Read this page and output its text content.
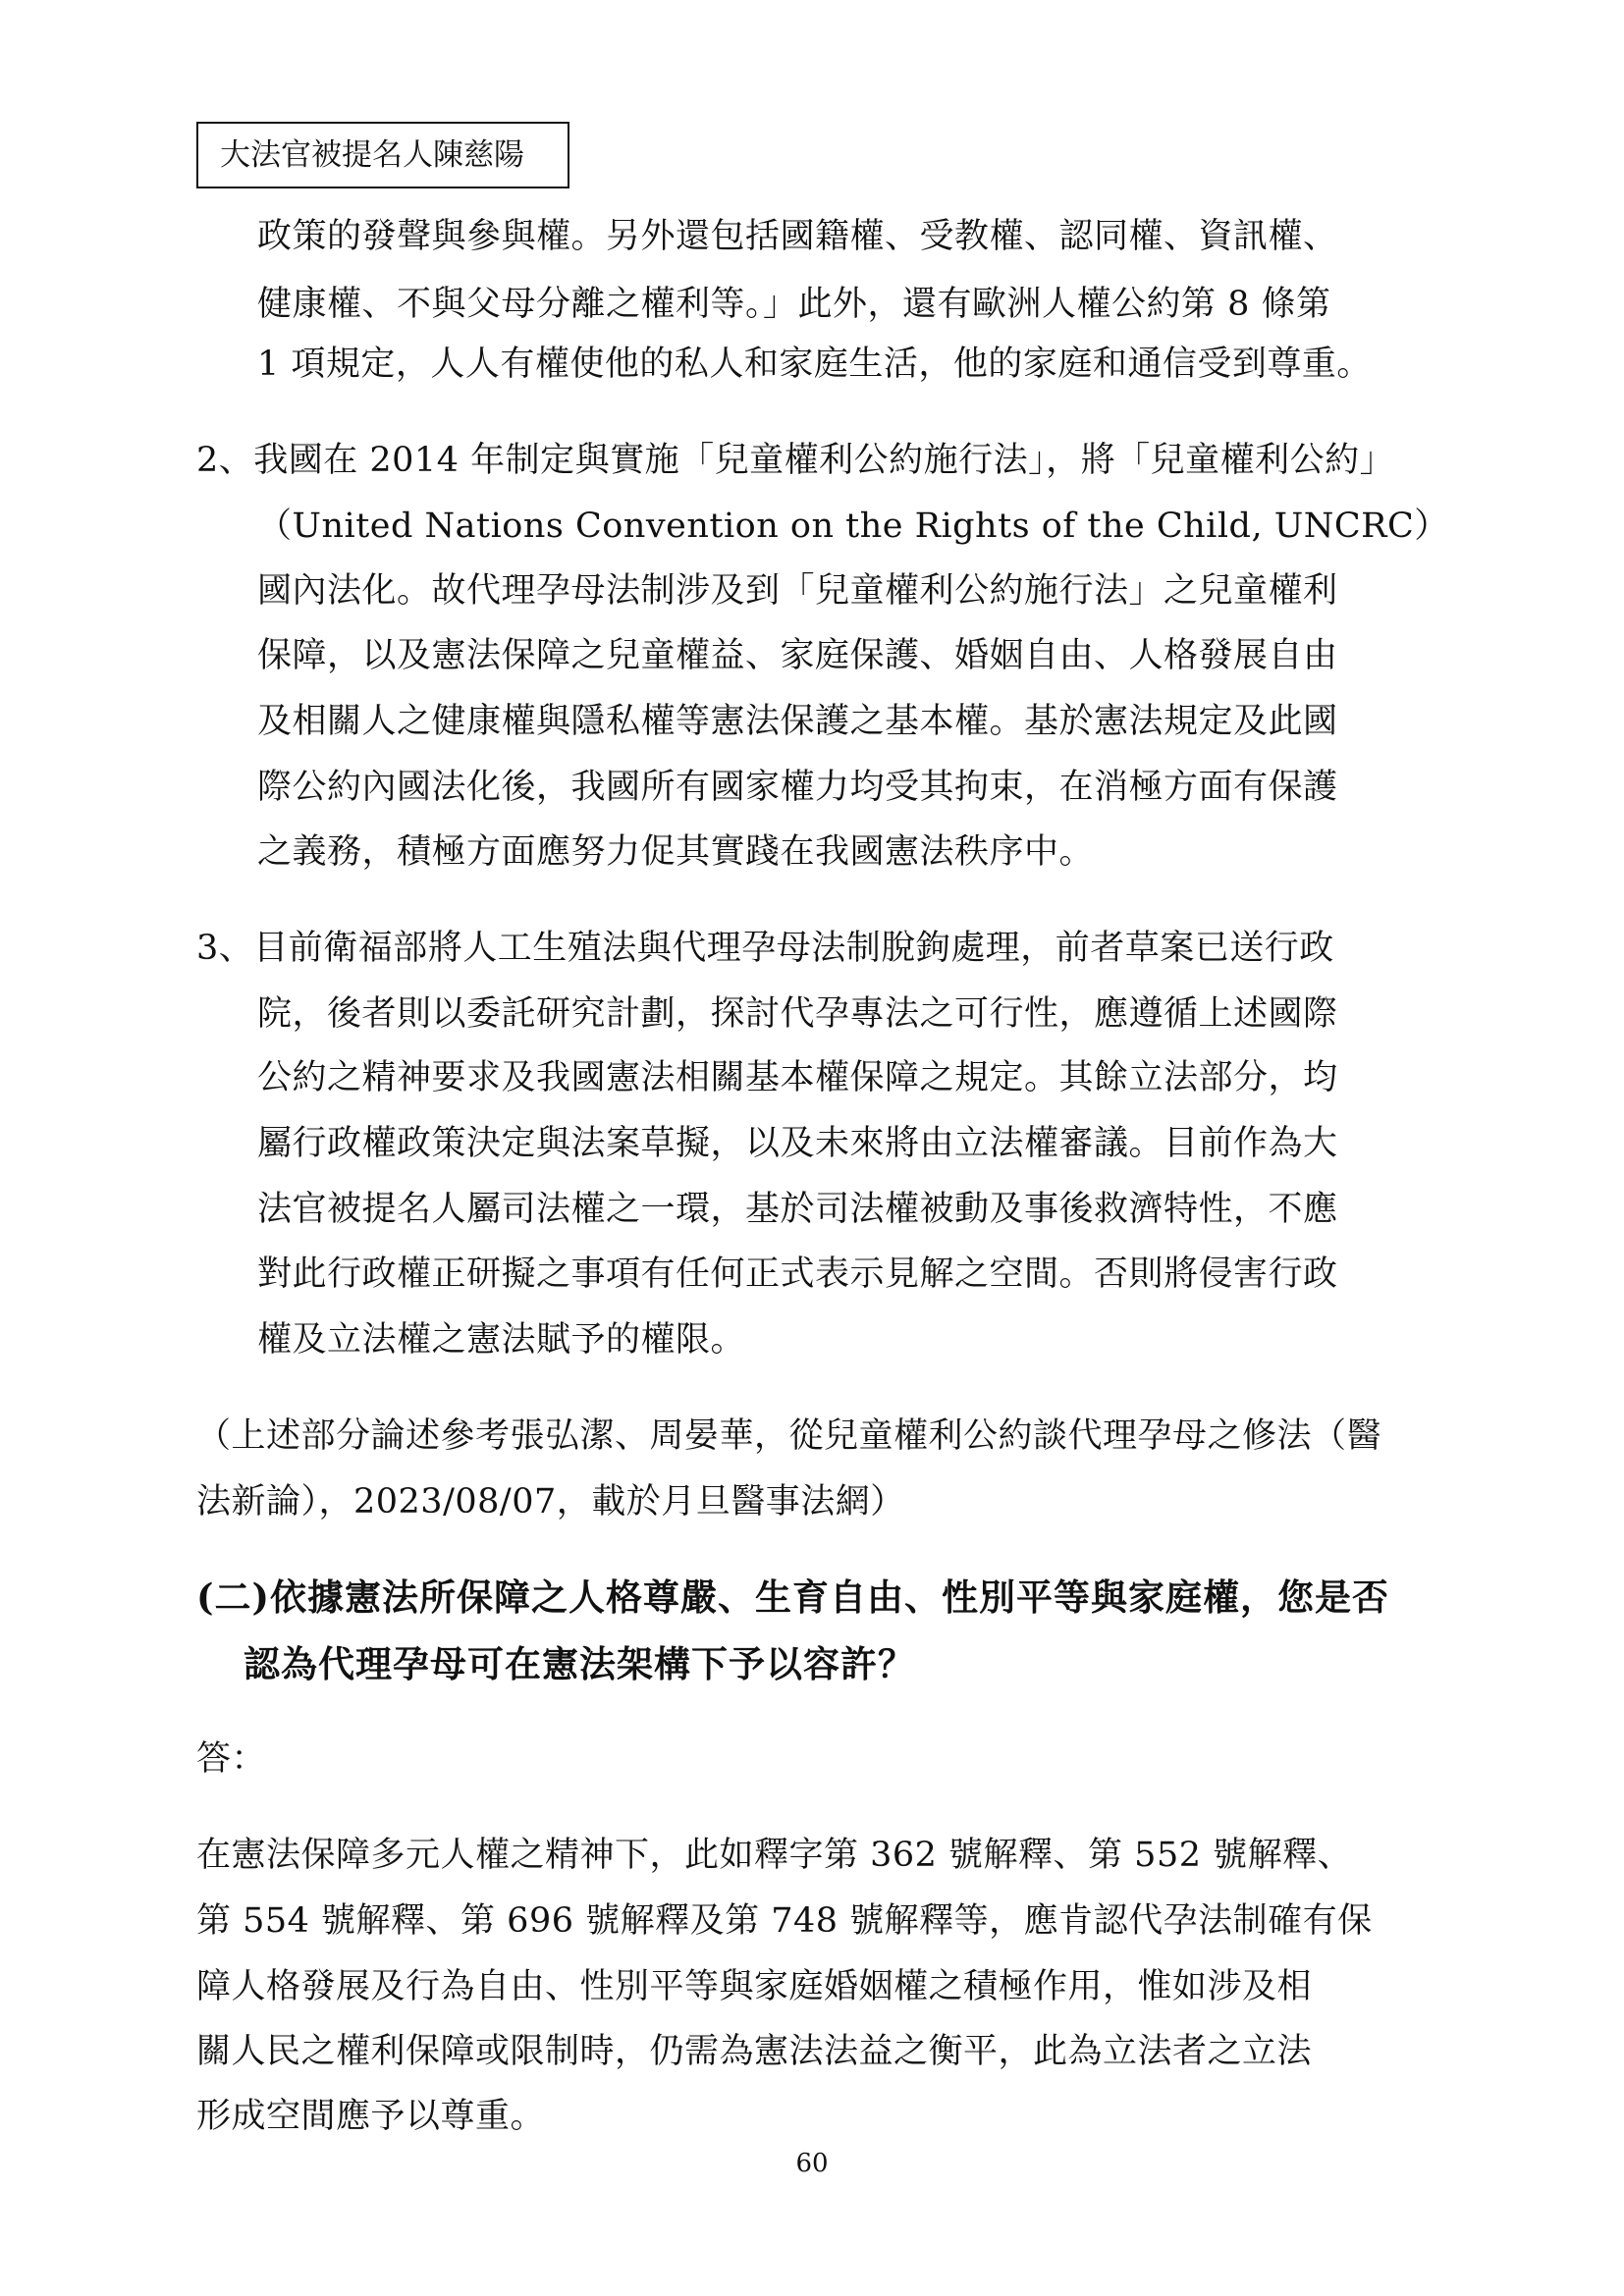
大法官被提名人陳慈陽
政策的發聲與參與權。另外還包括國籍權、受教權、認同權、資訊權、
健康權、不與父母分離之權利等。」此外，還有歐洲人權公約第 8 條第
1 項規定，人人有權使他的私人和家庭生活，他的家庭和通信受到尊重。
2、我國在 2014 年制定與實施「兒童權利公約施行法」，將「兒童權利公約」
（United Nations Convention on the Rights of the Child, UNCRC）
國內法化。故代理孕母法制涉及到「兒童權利公約施行法」之兒童權利
保障，以及憲法保障之兒童權益、家庭保護、婚姻自由、人格發展自由
及相關人之健康權與隱私權等憲法保護之基本權。基於憲法規定及此國
際公約內國法化後，我國所有國家權力均受其拘束，在消極方面有保護
之義務，積極方面應努力促其實踐在我國憲法秩序中。
3、目前衛福部將人工生殖法與代理孕母法制脫鉤處理，前者草案已送行政
院，後者則以委託研究計劃，探討代孕專法之可行性，應遵循上述國際
公約之精神要求及我國憲法相關基本權保障之規定。其餘立法部分，均
屬行政權政策決定與法案草擬，以及未來將由立法權審議。目前作為大
法官被提名人屬司法權之一環，基於司法權被動及事後救濟特性，不應
對此行政權正研擬之事項有任何正式表示見解之空間。否則將侵害行政
權及立法權之憲法賦予的權限。
（上述部分論述參考張弘潔、周晏華，從兒童權利公約談代理孕母之修法（醫
法新論），2023/08/07，載於月旦醫事法網）
(二)依據憲法所保障之人格尊嚴、生育自由、性別平等與家庭權，您是否
認為代理孕母可在憲法架構下予以容許？
答：
在憲法保障多元人權之精神下，此如釋字第 362 號解釋、第 552 號解釋、
第 554 號解釋、第 696 號解釋及第 748 號解釋等，應肯認代孕法制確有保
障人格發展及行為自由、性別平等與家庭婚姻權之積極作用，惟如涉及相
關人民之權利保障或限制時，仍需為憲法法益之衡平，此為立法者之立法
形成空間應予以尊重。
60
